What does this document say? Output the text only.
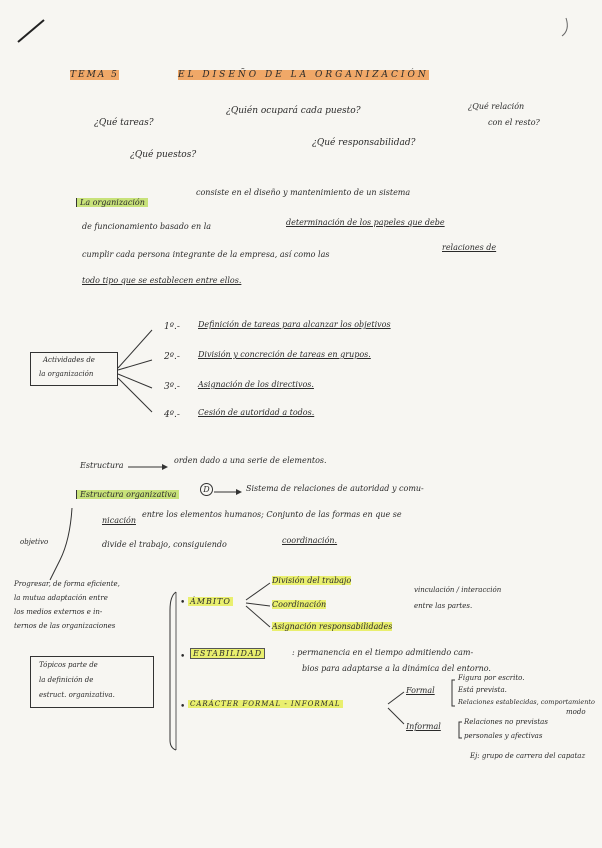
TEMA 5	EL DISEÑO DE LA ORGANIZACIÓN
¿Qué tareas?
¿Quién ocupará cada puesto?	¿Qué relación
con el resto?
¿Qué puestos?
¿Qué responsabilidad?
La organización
consiste en el diseño y mantenimiento de un sistema
de funcionamiento basado en la	determinación de los papeles que debe
cumplir cada persona integrante de la empresa, así como las
relaciones de
todo tipo que se establecen entre ellos.
Actividades de
la organización
1º.- Definición de tareas para alcanzar los objetivos
2º.- División y concreción de tareas en grupos.
3º.- Asignación de los directivos.
4º.- Cesión de autoridad a todos.
Estructura
orden dado a una serie de elementos.
Estructura organizativa
D	Sistema de relaciones de autoridad y comu-
nicación
entre los elementos humanos; Conjunto de las formas en que se
divide el trabajo, consiguiendo	coordinación.
objetivo
Progresar, de forma eficiente,
la mutua adaptación entre
los medios externos e in-
ternos de las organizaciones
Tópicos parte de
la definición de
estruct. organizativa.
• ÁMBITO
División del trabajo
Coordinación
Asignación responsabilidades
vinculación / interacción
entre las partes.
• ESTABILIDAD	: permanencia en el tiempo admitiendo cam-
bios para adaptarse a la dinámica del entorno.
• CARÁCTER FORMAL - INFORMAL
Formal
Figura por escrito.
Está prevista.
Relaciones establecidas, comportamiento
modo
Informal	Relaciones no previstas
personales y afectivas
Ej: grupo de carrera del capataz
